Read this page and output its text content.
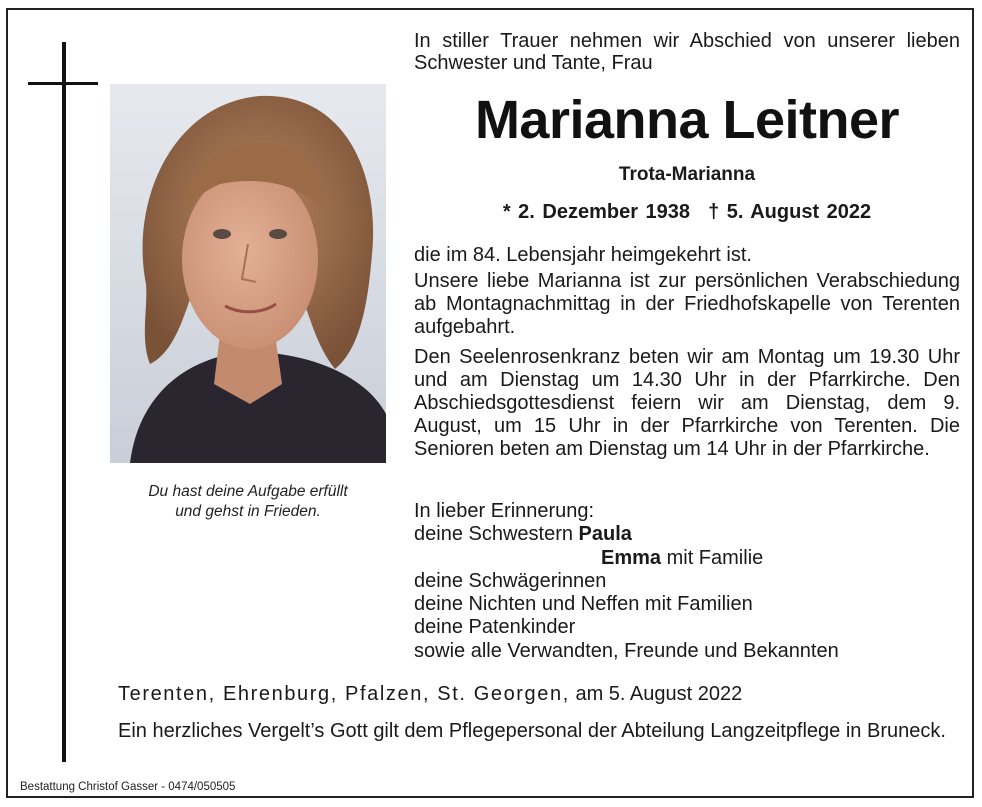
Du hast deine Aufgabe erfüllt
und gehst in Frieden.
In stiller Trauer nehmen wir Abschied von unserer lieben Schwester und Tante, Frau
Marianna Leitner
Trota-Marianna
* 2. Dezember 1938 † 5. August 2022
die im 84. Lebensjahr heimgekehrt ist.
Unsere liebe Marianna ist zur persönlichen Verabschiedung ab Montagnachmittag in der Friedhofskapelle von Terenten aufgebahrt.
Den Seelenrosenkranz beten wir am Montag um 19.30 Uhr und am Dienstag um 14.30 Uhr in der Pfarrkirche. Den Abschiedsgottesdienst feiern wir am Dienstag, dem 9. August, um 15 Uhr in der Pfarrkirche von Terenten. Die Senioren beten am Dienstag um 14 Uhr in der Pfarrkirche.
In lieber Erinnerung:
deine Schwestern Paula
Emma mit Familie
deine Schwägerinnen
deine Nichten und Neffen mit Familien
deine Patenkinder
sowie alle Verwandten, Freunde und Bekannten
Terenten, Ehrenburg, Pfalzen, St. Georgen, am 5. August 2022
Ein herzliches Vergelt’s Gott gilt dem Pflegepersonal der Abteilung Langzeitpflege in Bruneck.
Bestattung Christof Gasser - 0474/050505
